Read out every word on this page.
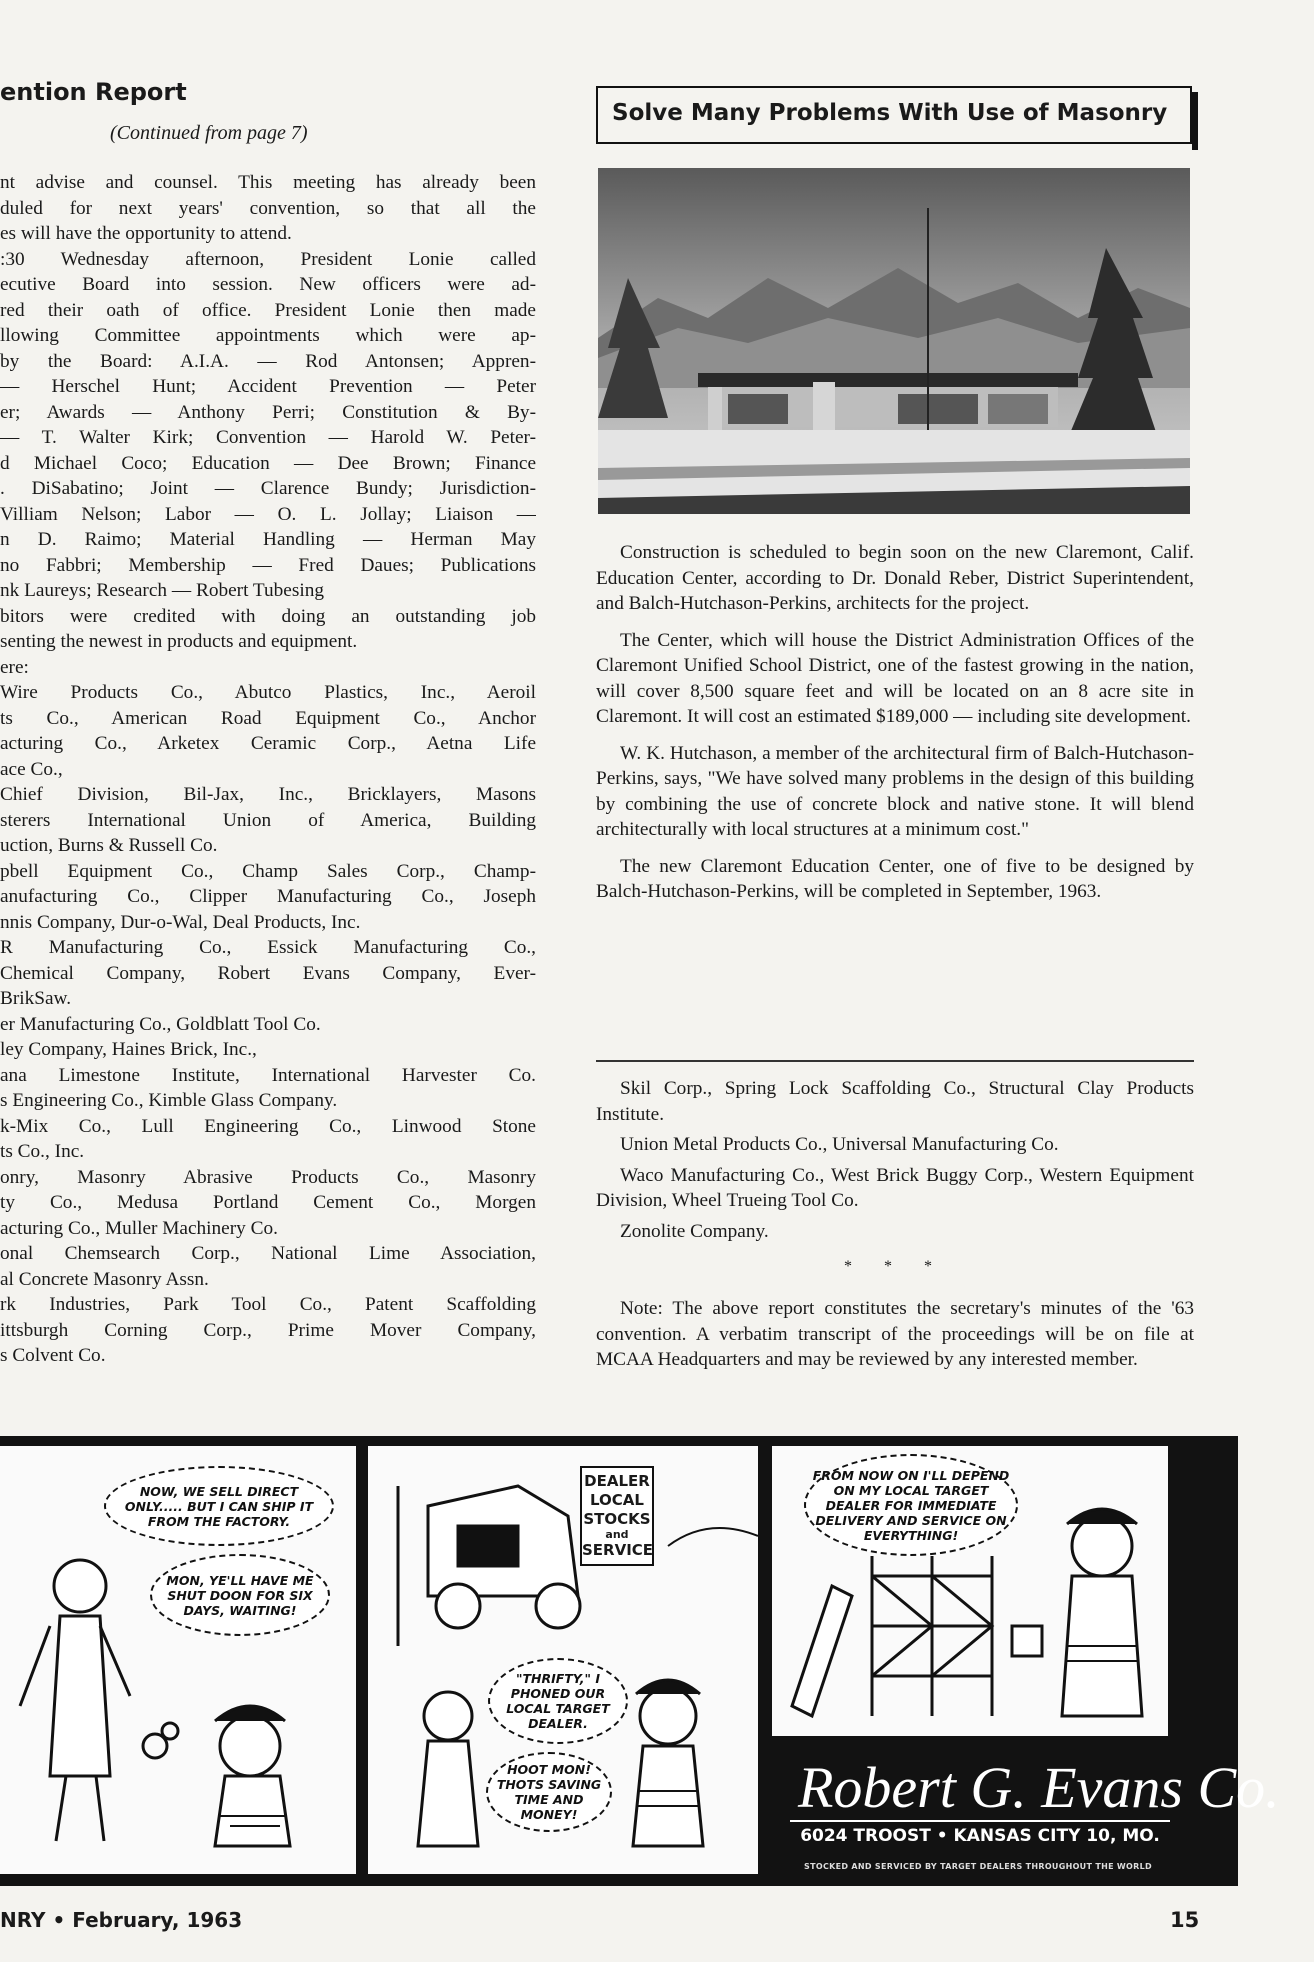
ention Report
(Continued from page 7)
nt advise and counsel. This meeting has already been
duled for next years' convention, so that all the
es will have the opportunity to attend.
:30 Wednesday afternoon, President Lonie called
ecutive Board into session. New officers were ad-
red their oath of office. President Lonie then made
llowing Committee appointments which were ap-
by the Board: A.I.A. — Rod Antonsen; Appren-
— Herschel Hunt; Accident Prevention — Peter
er; Awards — Anthony Perri; Constitution & By-
— T. Walter Kirk; Convention — Harold W. Peter-
d Michael Coco; Education — Dee Brown; Finance
. DiSabatino; Joint — Clarence Bundy; Jurisdiction-
Villiam Nelson; Labor — O. L. Jollay; Liaison —
n D. Raimo; Material Handling — Herman May
no Fabbri; Membership — Fred Daues; Publications
nk Laureys; Research — Robert Tubesing
bitors were credited with doing an outstanding job
senting the newest in products and equipment.
ere:
Wire Products Co., Abutco Plastics, Inc., Aeroil
ts Co., American Road Equipment Co., Anchor
acturing Co., Arketex Ceramic Corp., Aetna Life
ace Co.,
Chief Division, Bil-Jax, Inc., Bricklayers, Masons
sterers International Union of America, Building
uction, Burns & Russell Co.
pbell Equipment Co., Champ Sales Corp., Champ-
anufacturing Co., Clipper Manufacturing Co., Joseph
nnis Company, Dur-o-Wal, Deal Products, Inc.
R Manufacturing Co., Essick Manufacturing Co.,
Chemical Company, Robert Evans Company, Ever-
BrikSaw.
er Manufacturing Co., Goldblatt Tool Co.
ley Company, Haines Brick, Inc.,
ana Limestone Institute, International Harvester Co.
s Engineering Co., Kimble Glass Company.
k-Mix Co., Lull Engineering Co., Linwood Stone
ts Co., Inc.
onry, Masonry Abrasive Products Co., Masonry
ty Co., Medusa Portland Cement Co., Morgen
acturing Co., Muller Machinery Co.
onal Chemsearch Corp., National Lime Association,
al Concrete Masonry Assn.
rk Industries, Park Tool Co., Patent Scaffolding
ittsburgh Corning Corp., Prime Mover Company,
s Colvent Co.
Solve Many Problems With Use of Masonry

Construction is scheduled to begin soon on the new Claremont, Calif. Education Center, according to Dr. Donald Reber, District Superintendent, and Balch-Hutchason-Perkins, architects for the project.

The Center, which will house the District Administration Offices of the Claremont Unified School District, one of the fastest growing in the nation, will cover 8,500 square feet and will be located on an 8 acre site in Claremont. It will cost an estimated $189,000 — including site development.

W. K. Hutchason, a member of the architectural firm of Balch-Hutchason-Perkins, says, "We have solved many problems in the design of this building by combining the use of concrete block and native stone. It will blend architecturally with local structures at a minimum cost."

The new Claremont Education Center, one of five to be designed by Balch-Hutchason-Perkins, will be completed in September, 1963.

Skil Corp., Spring Lock Scaffolding Co., Structural Clay Products Institute.

Union Metal Products Co., Universal Manufacturing Co.

Waco Manufacturing Co., West Brick Buggy Corp., Western Equipment Division, Wheel Trueing Tool Co.

Zonolite Company.

* * *
Note: The above report constitutes the secretary's minutes of the '63 convention. A verbatim transcript of the proceedings will be on file at MCAA Headquarters and may be reviewed by any interested member.
NOW, WE SELL DIRECT ONLY..... BUT I CAN SHIP IT FROM THE FACTORY.
MON, YE'LL HAVE ME SHUT DOON FOR SIX DAYS, WAITING!
DEALER
LOCAL
STOCKS
and
SERVICE
"THRIFTY," I PHONED OUR LOCAL TARGET DEALER.
HOOT MON! THOTS SAVING TIME AND MONEY!
FROM NOW ON I'LL DEPEND ON MY LOCAL TARGET DEALER FOR IMMEDIATE DELIVERY AND SERVICE ON EVERYTHING!
Robert G. Evans Co.
6024 TROOST • KANSAS CITY 10, MO.
STOCKED AND SERVICED BY TARGET DEALERS THROUGHOUT THE WORLD
NRY • February, 1963	15
